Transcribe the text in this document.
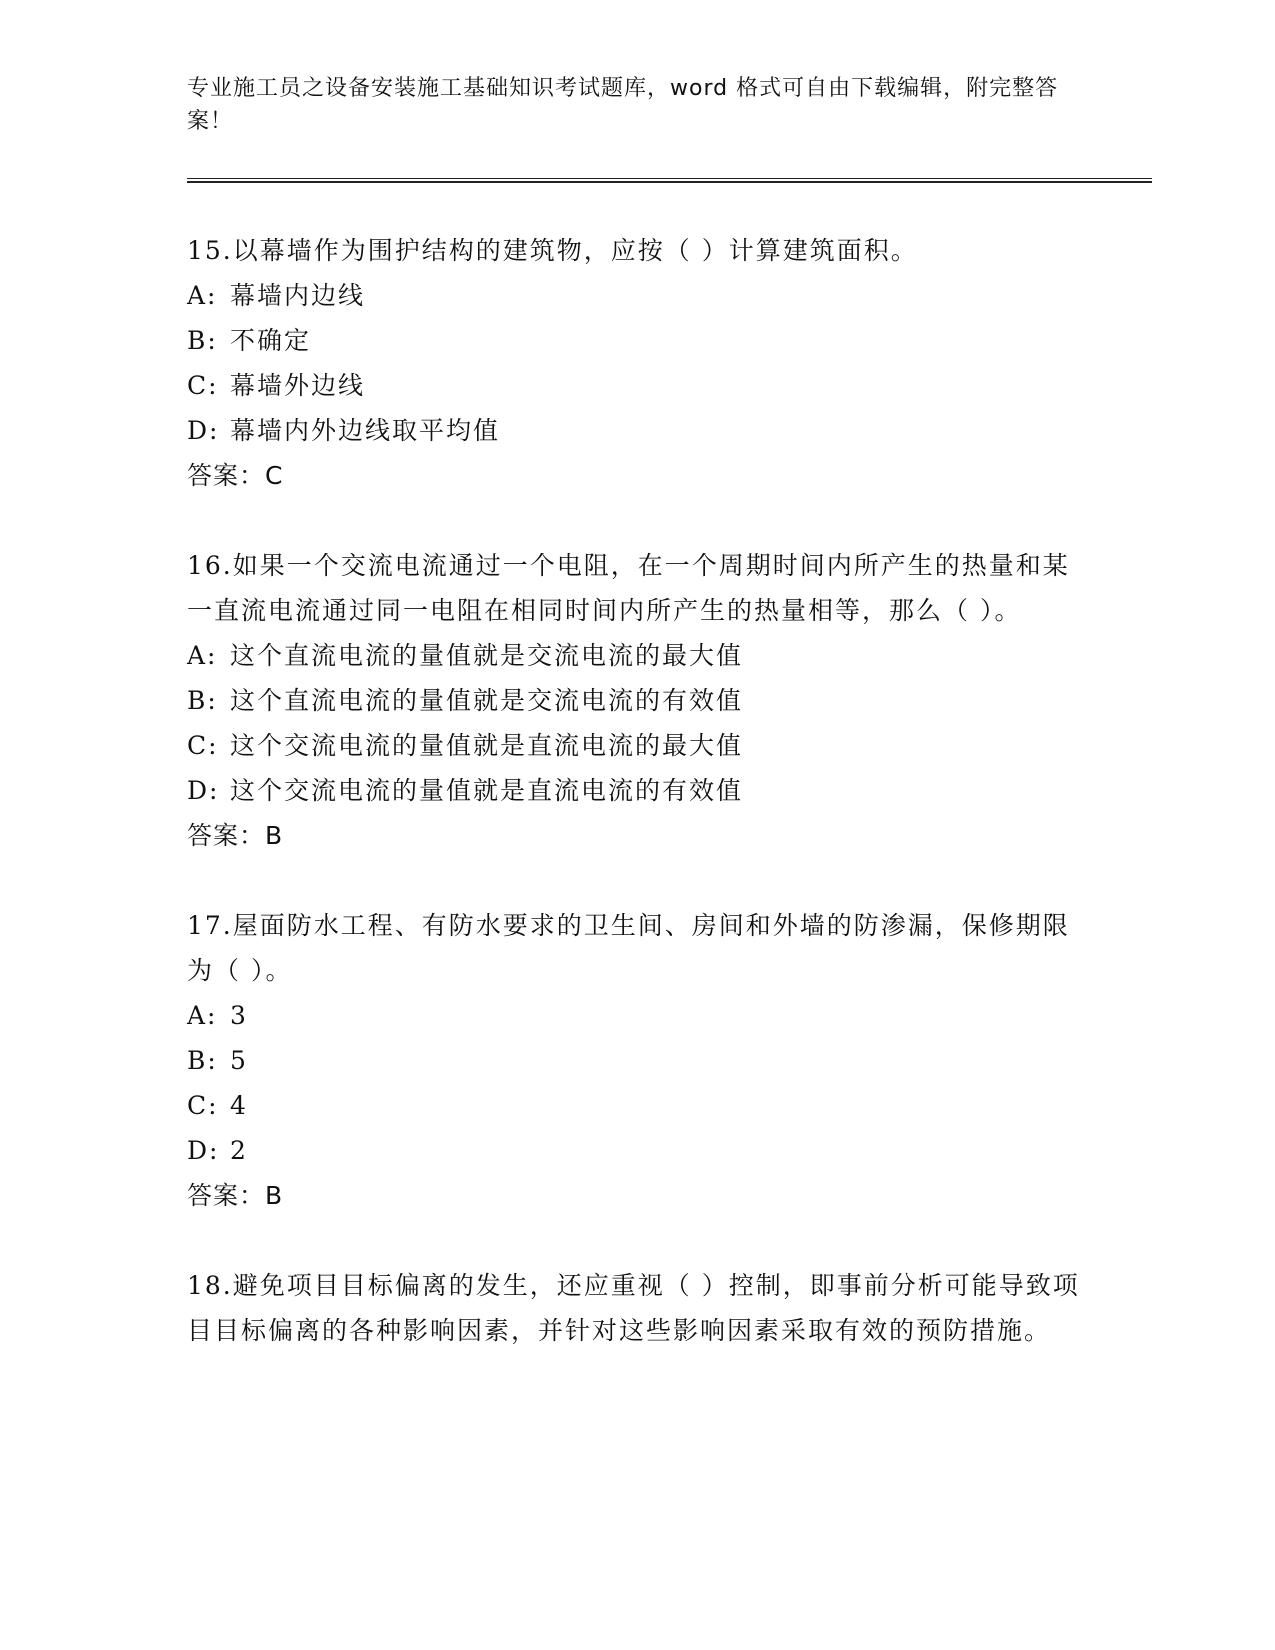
专业施工员之设备安装施工基础知识考试题库，word 格式可自由下载编辑，附完整答案！

15.以幕墙作为围护结构的建筑物，应按（ ）计算建筑面积。

A: 幕墙内边线

B: 不确定

C: 幕墙外边线

D: 幕墙内外边线取平均值

答案：C

16.如果一个交流电流通过一个电阻，在一个周期时间内所产生的热量和某一直流电流通过同一电阻在相同时间内所产生的热量相等，那么（ ）。

A: 这个直流电流的量值就是交流电流的最大值

B: 这个直流电流的量值就是交流电流的有效值

C: 这个交流电流的量值就是直流电流的最大值

D: 这个交流电流的量值就是直流电流的有效值

答案：B

17.屋面防水工程、有防水要求的卫生间、房间和外墙的防渗漏，保修期限为（ ）。

A: 3

B: 5

C: 4

D: 2

答案：B

18.避免项目目标偏离的发生，还应重视（ ）控制，即事前分析可能导致项目目标偏离的各种影响因素，并针对这些影响因素采取有效的预防措施。
